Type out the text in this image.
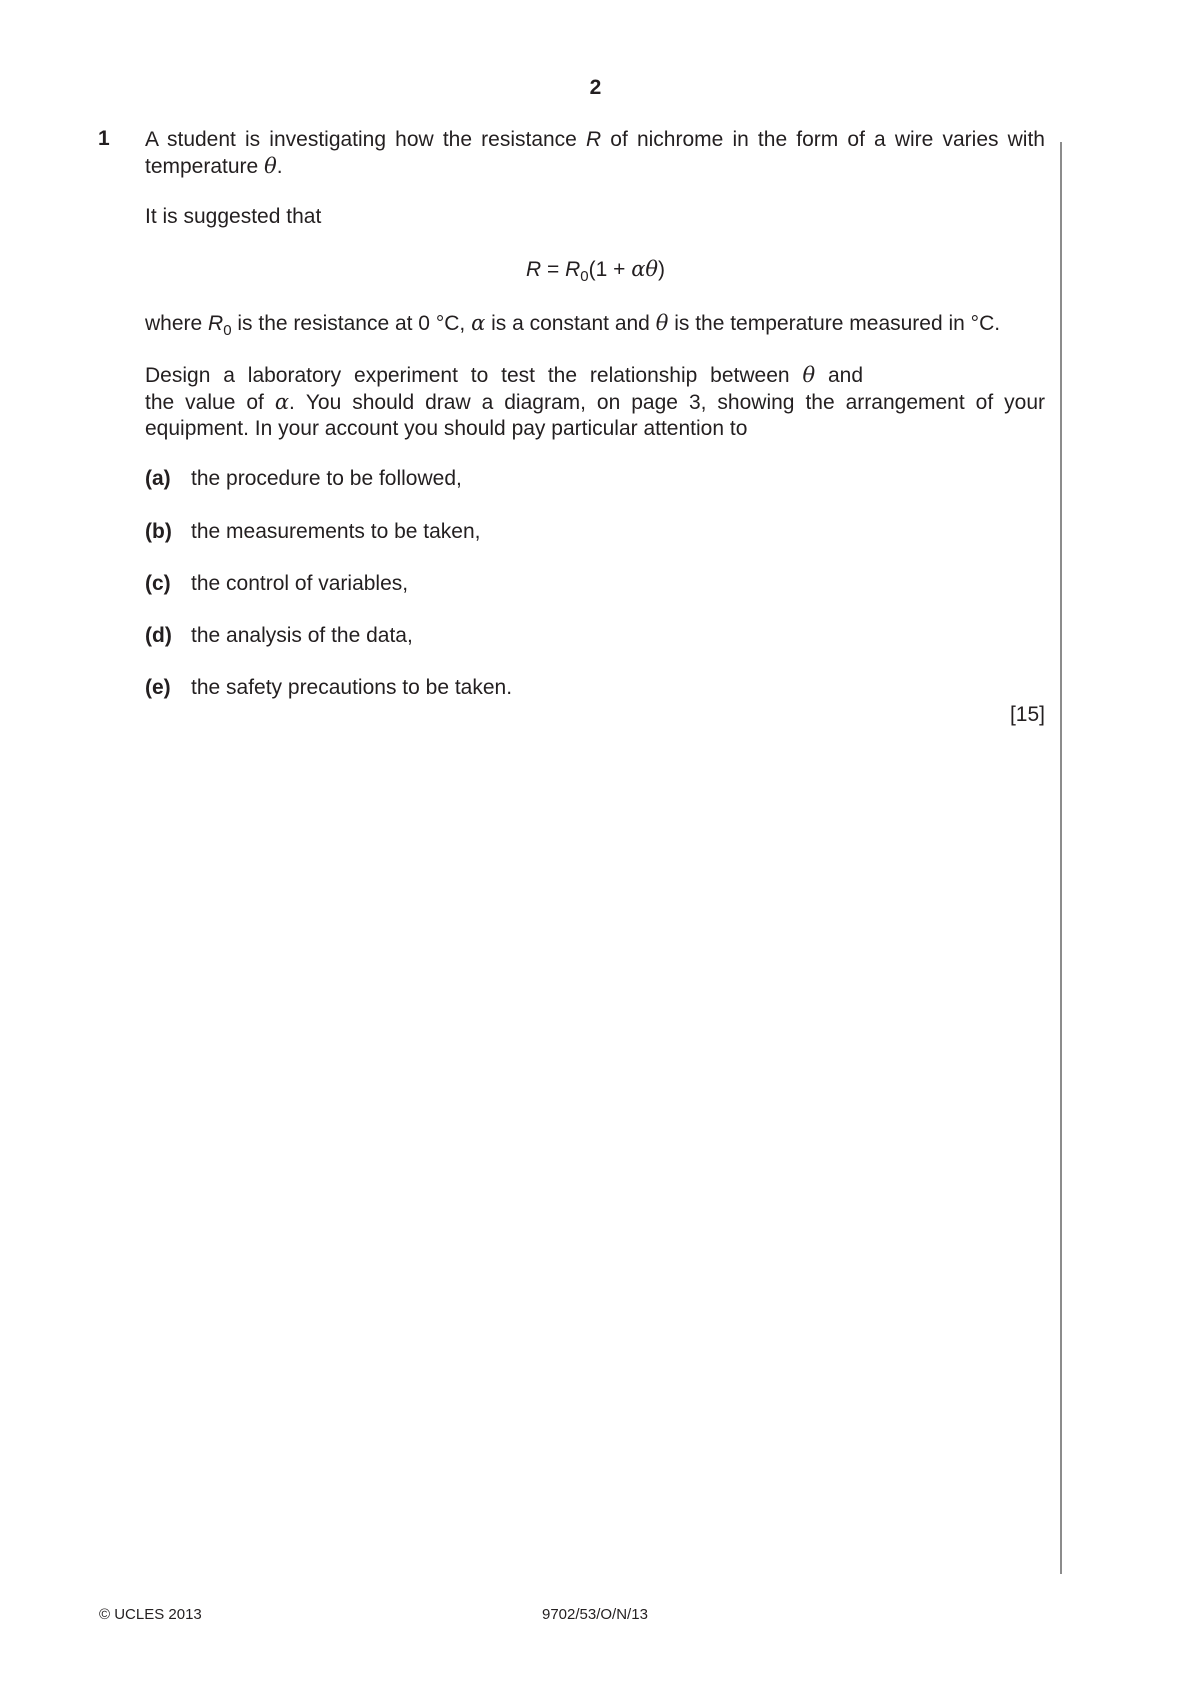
2
1 A student is investigating how the resistance R of nichrome in the form of a wire varies with
temperature θ.
It is suggested that
$R = R_0(1 + \alpha\theta)$
where $R_0$ is the resistance at 0 °C, α is a constant and θ is the temperature measured in °C.
Design a laboratory experiment to test the relationship between θ and
the value of α. You should draw a diagram, on page 3, showing the arrangement of your
equipment. In your account you should pay particular attention to
(a) the procedure to be followed,
(b) the measurements to be taken,
(c) the control of variables,
(d) the analysis of the data,
(e) the safety precautions to be taken.
[15]
© UCLES 2013	9702/53/O/N/13
